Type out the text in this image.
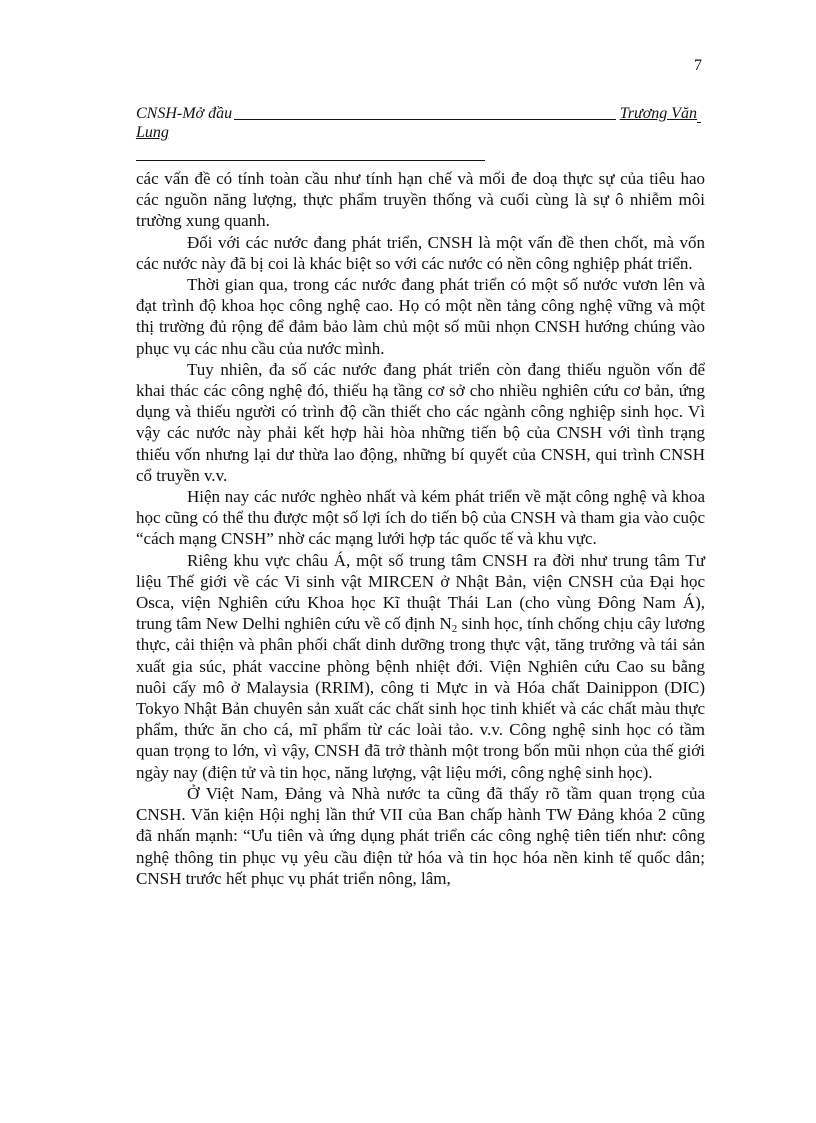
7
CNSH-Mở đầu	Trương Văn
Lung

các vấn đề có tính toàn cầu như tính hạn chế và mối đe doạ thực sự của tiêu hao các nguồn năng lượng, thực phẩm truyền thống và cuối cùng là sự ô nhiễm môi trường xung quanh.

Đối với các nước đang phát triển, CNSH là một vấn đề then chốt, mà vốn các nước này đã bị coi là khác biệt so với các nước có nền công nghiệp phát triển.

Thời gian qua, trong các nước đang phát triển có một số nước vươn lên và đạt trình độ khoa học công nghệ cao. Họ có một nền tảng công nghệ vững và một thị trường đủ rộng để đảm bảo làm chủ một số mũi nhọn CNSH hướng chúng vào phục vụ các nhu cầu của nước mình.

Tuy nhiên, đa số các nước đang phát triển còn đang thiếu nguồn vốn để khai thác các công nghệ đó, thiếu hạ tầng cơ sở cho nhiều nghiên cứu cơ bản, ứng dụng và thiếu người có trình độ cần thiết cho các ngành công nghiệp sinh học. Vì vậy các nước này phải kết hợp hài hòa những tiến bộ của CNSH với tình trạng thiếu vốn nhưng lại dư thừa lao động, những bí quyết của CNSH, qui trình CNSH cổ truyền v.v.

Hiện nay các nước nghèo nhất và kém phát triển về mặt công nghệ và khoa học cũng có thể thu được một số lợi ích do tiến bộ của CNSH và tham gia vào cuộc “cách mạng CNSH” nhờ các mạng lưới hợp tác quốc tế và khu vực.

Riêng khu vực châu Á, một số trung tâm CNSH ra đời như trung tâm Tư liệu Thế giới về các Vi sinh vật MIRCEN ở Nhật Bản, viện CNSH của Đại học Osca, viện Nghiên cứu Khoa học Kĩ thuật Thái Lan (cho vùng Đông Nam Á), trung tâm New Delhi nghiên cứu về cố định $N_2$ sinh học, tính chống chịu cây lương thực, cải thiện và phân phối chất dinh dưỡng trong thực vật, tăng trưởng và tái sản xuất gia súc, phát vaccine phòng bệnh nhiệt đới. Viện Nghiên cứu Cao su bằng nuôi cấy mô ở Malaysia (RRIM), công ti Mực in và Hóa chất Dainippon (DIC) Tokyo Nhật Bản chuyên sản xuất các chất sinh học tinh khiết và các chất màu thực phẩm, thức ăn cho cá, mĩ phẩm từ các loài tảo. v.v. Công nghệ sinh học có tầm quan trọng to lớn, vì vậy, CNSH đã trở thành một trong bốn mũi nhọn của thế giới ngày nay (điện tử và tin học, năng lượng, vật liệu mới, công nghệ sinh học).

Ở Việt Nam, Đảng và Nhà nước ta cũng đã thấy rõ tầm quan trọng của CNSH. Văn kiện Hội nghị lần thứ VII của Ban chấp hành TW Đảng khóa 2 cũng đã nhấn mạnh: “Ưu tiên và ứng dụng phát triển các công nghệ tiên tiến như: công nghệ thông tin phục vụ yêu cầu điện tử hóa và tin học hóa nền kinh tế quốc dân; CNSH trước hết phục vụ phát triển nông, lâm,
